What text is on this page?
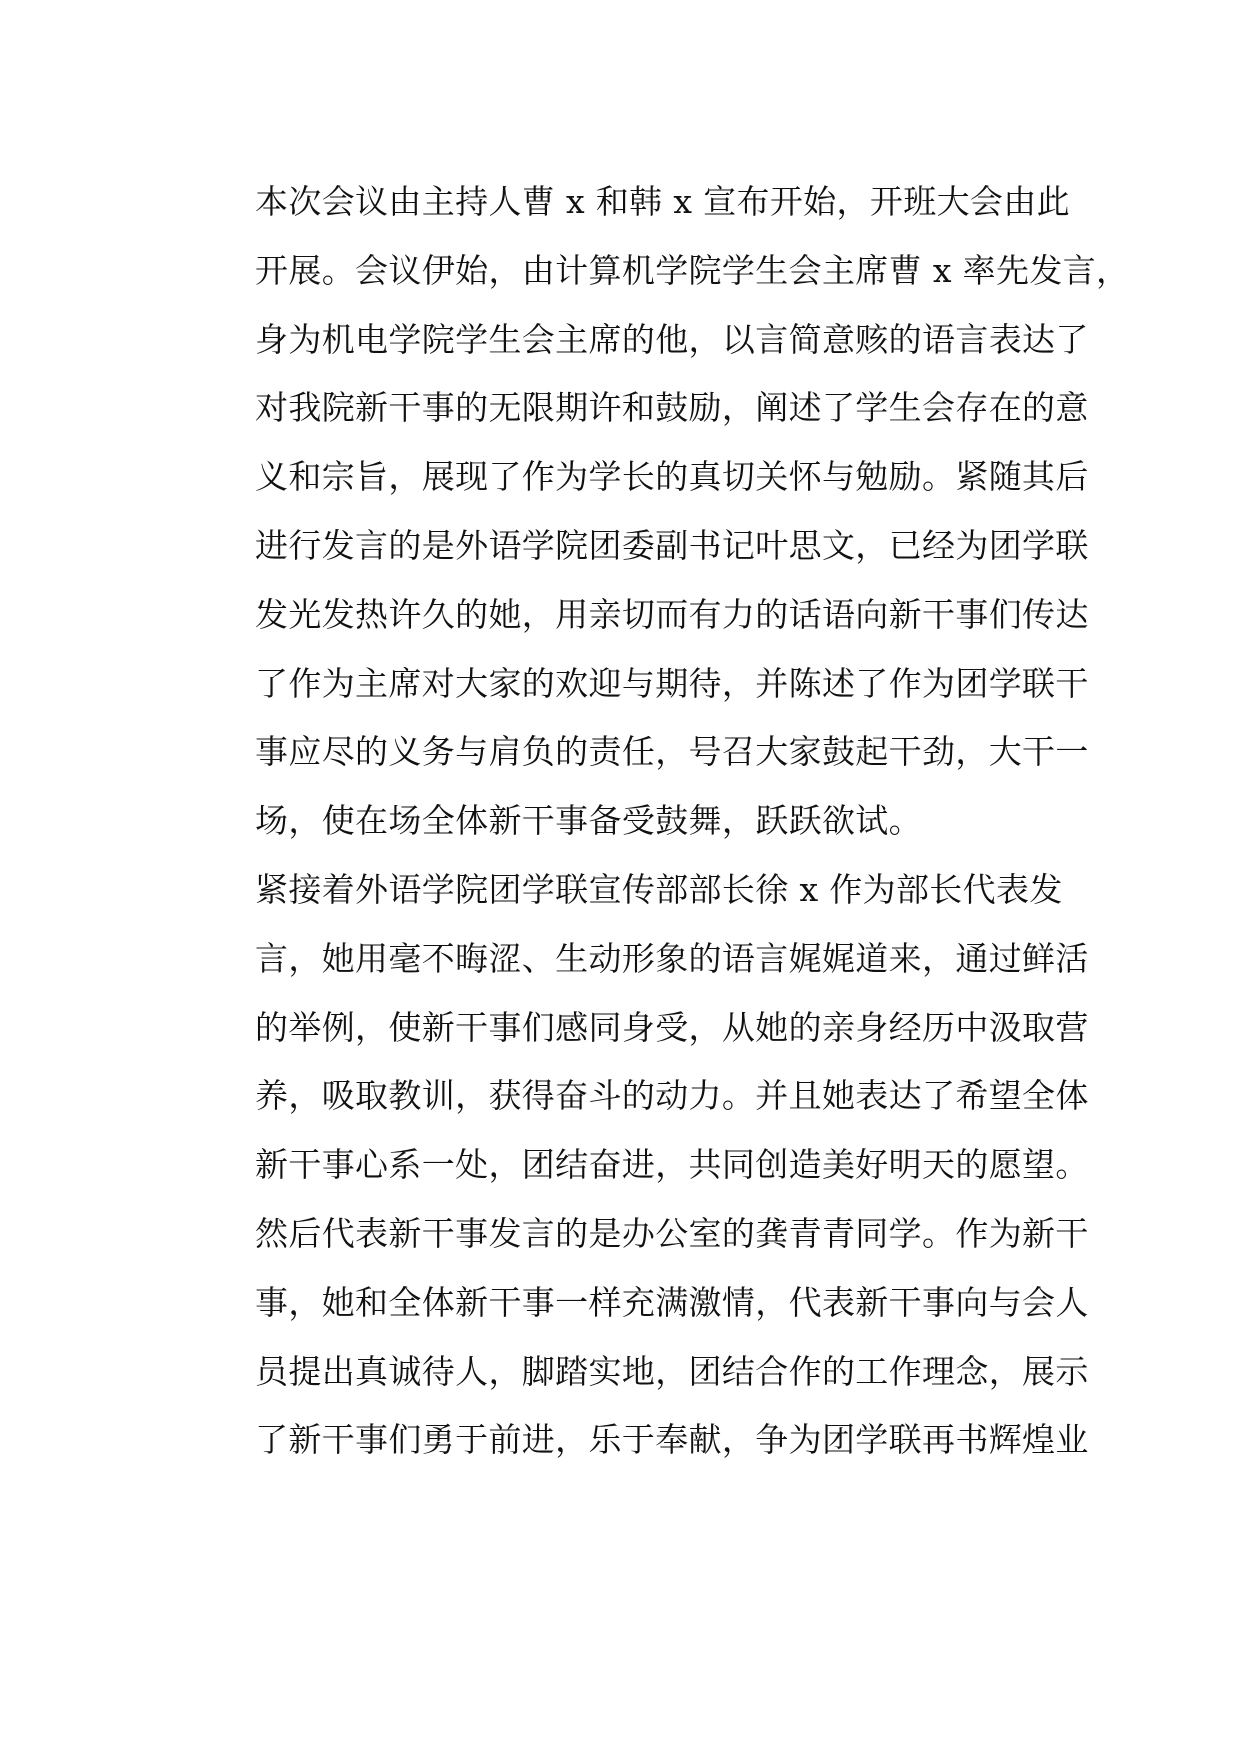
本次会议由主持人曹 x 和韩 x 宣布开始，开班大会由此
开展。会议伊始，由计算机学院学生会主席曹 x 率先发言，
身为机电学院学生会主席的他，以言简意赅的语言表达了
对我院新干事的无限期许和鼓励，阐述了学生会存在的意
义和宗旨，展现了作为学长的真切关怀与勉励。紧随其后
进行发言的是外语学院团委副书记叶思文，已经为团学联
发光发热许久的她，用亲切而有力的话语向新干事们传达
了作为主席对大家的欢迎与期待，并陈述了作为团学联干
事应尽的义务与肩负的责任，号召大家鼓起干劲，大干一
场，使在场全体新干事备受鼓舞，跃跃欲试。
紧接着外语学院团学联宣传部部长徐 x 作为部长代表发
言，她用毫不晦涩、生动形象的语言娓娓道来，通过鲜活
的举例，使新干事们感同身受，从她的亲身经历中汲取营
养，吸取教训，获得奋斗的动力。并且她表达了希望全体
新干事心系一处，团结奋进，共同创造美好明天的愿望。
然后代表新干事发言的是办公室的龚青青同学。作为新干
事，她和全体新干事一样充满激情，代表新干事向与会人
员提出真诚待人，脚踏实地，团结合作的工作理念，展示
了新干事们勇于前进，乐于奉献，争为团学联再书辉煌业
